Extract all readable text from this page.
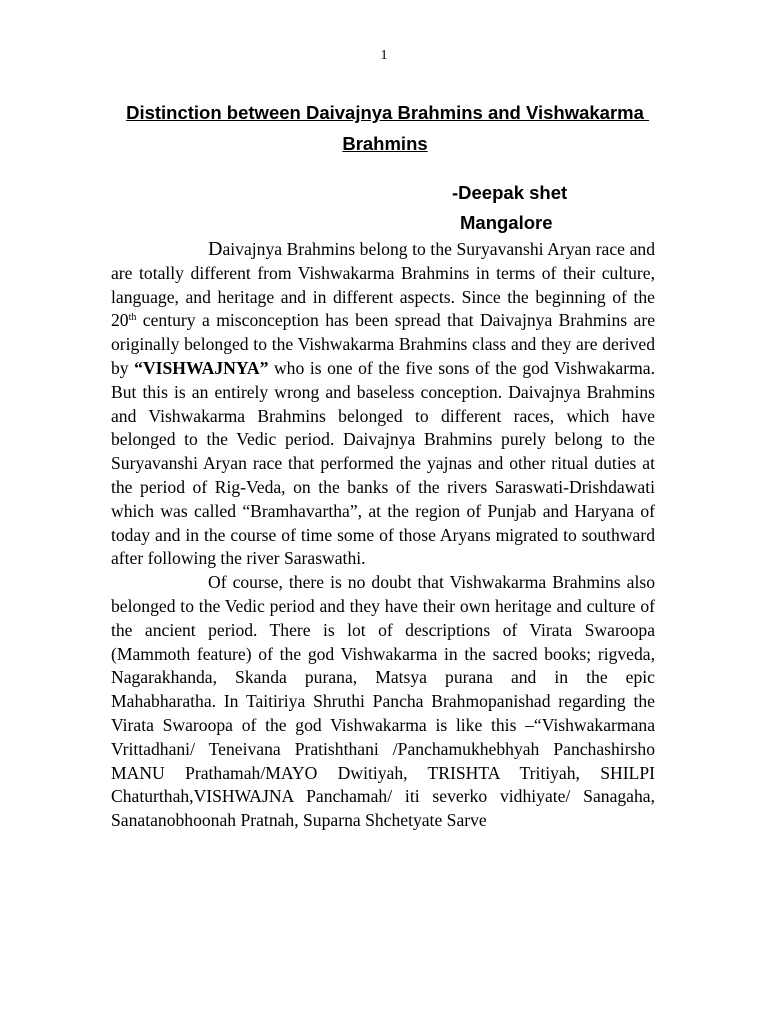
1
Distinction between Daivajnya Brahmins and Vishwakarma Brahmins
-Deepak shet
Mangalore

Daivajnya Brahmins belong to the Suryavanshi Aryan race and are totally different from Vishwakarma Brahmins in terms of their culture, language, and heritage and in different aspects. Since the beginning of the 20th century a misconception has been spread that Daivajnya Brahmins are originally belonged to the Vishwakarma Brahmins class and they are derived by “VISHWAJNYA” who is one of the five sons of the god Vishwakarma. But this is an entirely wrong and baseless conception. Daivajnya Brahmins and Vishwakarma Brahmins belonged to different races, which have belonged to the Vedic period. Daivajnya Brahmins purely belong to the Suryavanshi Aryan race that performed the yajnas and other ritual duties at the period of Rig-Veda, on the banks of the rivers Saraswati-Drishdawati which was called “Bramhavartha”, at the region of Punjab and Haryana of today and in the course of time some of those Aryans migrated to southward after following the river Saraswathi.

Of course, there is no doubt that Vishwakarma Brahmins also belonged to the Vedic period and they have their own heritage and culture of the ancient period. There is lot of descriptions of Virata Swaroopa (Mammoth feature) of the god Vishwakarma in the sacred books; rigveda, Nagarakhanda, Skanda purana, Matsya purana and in the epic Mahabharatha. In Taitiriya Shruthi Pancha Brahmopanishad regarding the Virata Swaroopa of the god Vishwakarma is like this –“Vishwakarmana Vrittadhani/ Teneivana Pratishthani /Panchamukhebhyah Panchashirsho MANU Prathamah/MAYO Dwitiyah, TRISHTA Tritiyah, SHILPI Chaturthah,VISHWAJNA Panchamah/ iti severko vidhiyate/ Sanagaha, Sanatanobhoonah Pratnah, Suparna Shchetyate Sarve
